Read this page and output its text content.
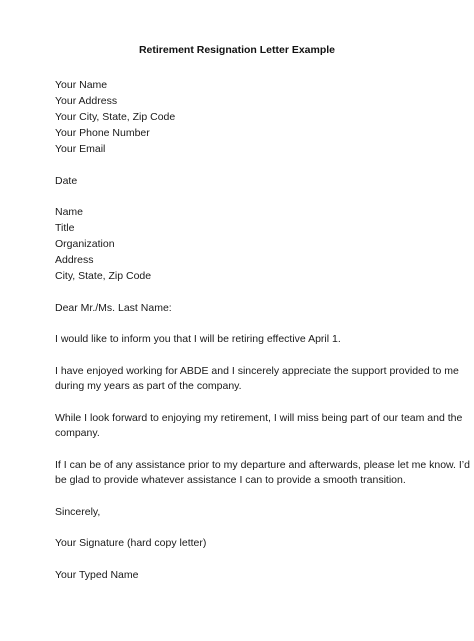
Retirement Resignation Letter Example
Your Name
Your Address
Your City, State, Zip Code
Your Phone Number
Your Email
Date
Name
Title
Organization
Address
City, State, Zip Code
Dear Mr./Ms. Last Name:
I would like to inform you that I will be retiring effective April 1.
I have enjoyed working for ABDE and I sincerely appreciate the support provided to me
during my years as part of the company.
While I look forward to enjoying my retirement, I will miss being part of our team and the
company.
If I can be of any assistance prior to my departure and afterwards, please let me know. I’d
be glad to provide whatever assistance I can to provide a smooth transition.
Sincerely,
Your Signature (hard copy letter)
Your Typed Name
